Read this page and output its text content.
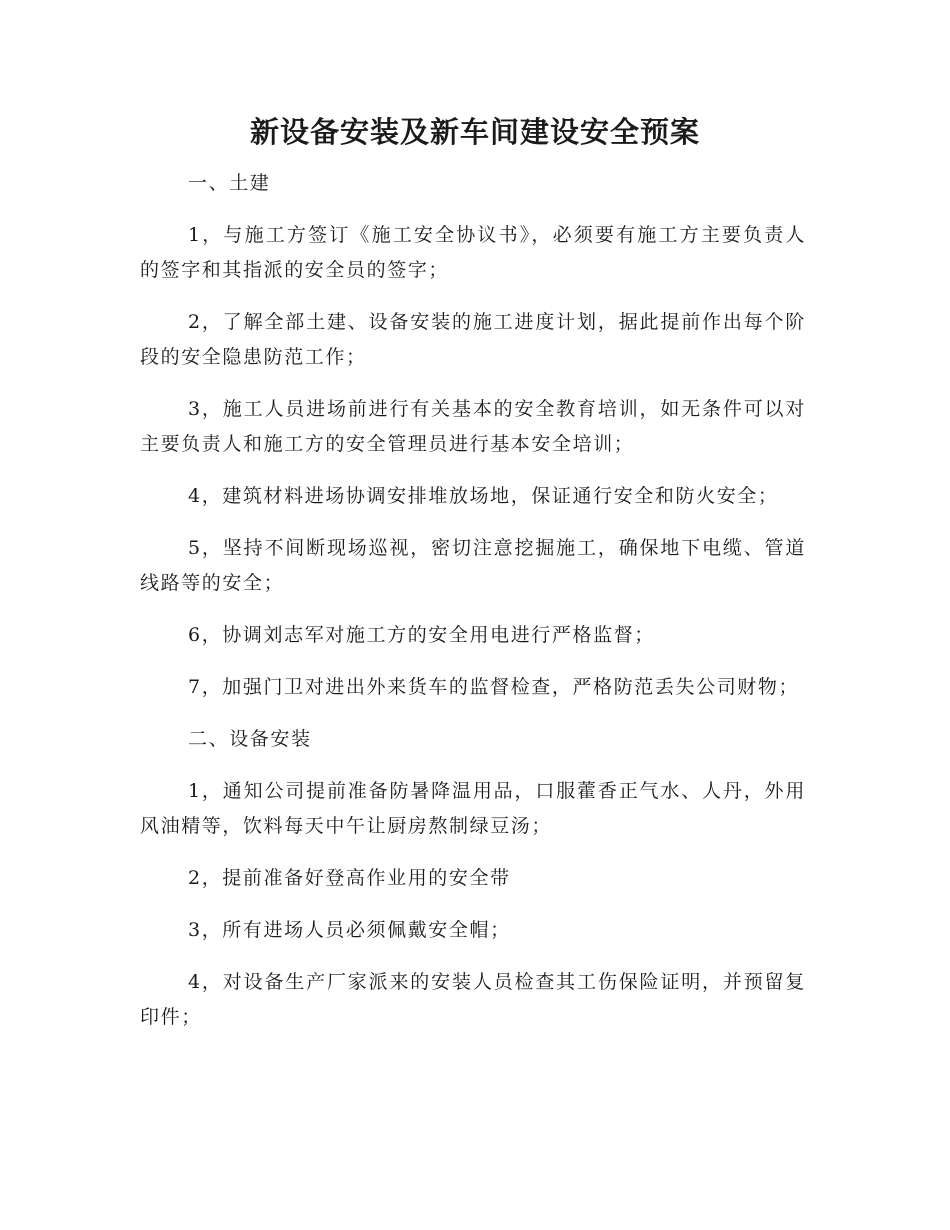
新设备安装及新车间建设安全预案

一、土建

1，与施工方签订《施工安全协议书》，必须要有施工方主要负责人的签字和其指派的安全员的签字；

2，了解全部土建、设备安装的施工进度计划，据此提前作出每个阶段的安全隐患防范工作；

3，施工人员进场前进行有关基本的安全教育培训，如无条件可以对主要负责人和施工方的安全管理员进行基本安全培训；

4，建筑材料进场协调安排堆放场地，保证通行安全和防火安全；

5，坚持不间断现场巡视，密切注意挖掘施工，确保地下电缆、管道线路等的安全；

6，协调刘志军对施工方的安全用电进行严格监督；

7，加强门卫对进出外来货车的监督检查，严格防范丢失公司财物；

二、设备安装

1，通知公司提前准备防暑降温用品，口服藿香正气水、人丹，外用风油精等，饮料每天中午让厨房熬制绿豆汤；

2，提前准备好登高作业用的安全带

3，所有进场人员必须佩戴安全帽；

4，对设备生产厂家派来的安装人员检查其工伤保险证明，并预留复印件；
